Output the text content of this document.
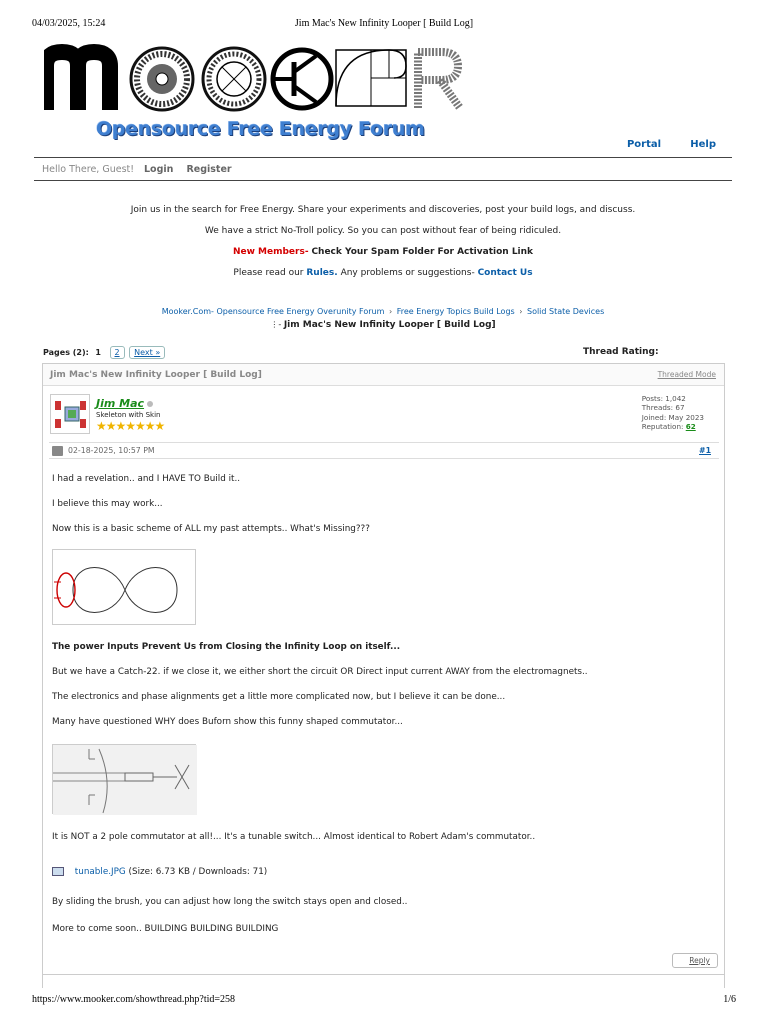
04/03/2025, 15:24	Jim Mac's New Infinity Looper [ Build Log]
Opensource Free Energy Forum
Portal	Help
Hello There, Guest! Login Register

Join us in the search for Free Energy. Share your experiments and discoveries, post your build logs, and discuss.

We have a strict No-Troll policy. So you can post without fear of being ridiculed.

New Members- Check Your Spam Folder For Activation Link

Please read our Rules. Any problems or suggestions- Contact Us

Mooker.Com- Opensource Free Energy Overunity Forum › Free Energy Topics Build Logs › Solid State Devices
⋮- Jim Mac's New Infinity Looper [ Build Log]
Pages (2): 1 2 Next »	Thread Rating:
Jim Mac's New Infinity Looper [ Build Log]	Threaded Mode
Jim Mac
Skeleton with Skin
★★★★★★★
Posts: 1,042
Threads: 67
Joined: May 2023
Reputation: 62
02-18-2025, 10:57 PM	#1

I had a revelation.. and I HAVE TO Build it..

I believe this may work...

Now this is a basic scheme of ALL my past attempts.. What's Missing???

The power Inputs Prevent Us from Closing the Infinity Loop on itself...

But we have a Catch-22. if we close it, we either short the circuit OR Direct input current AWAY from the electromagnets..

The electronics and phase alignments get a little more complicated now, but I believe it can be done...

Many have questioned WHY does Buforn show this funny shaped commutator...

It is NOT a 2 pole commutator at all!... It's a tunable switch... Almost identical to Robert Adam's commutator..

tunable.JPG (Size: 6.73 KB / Downloads: 71)

By sliding the brush, you can adjust how long the switch stays open and closed..

More to come soon.. BUILDING BUILDING BUILDING

Reply
https://www.mooker.com/showthread.php?tid=258	1/6
